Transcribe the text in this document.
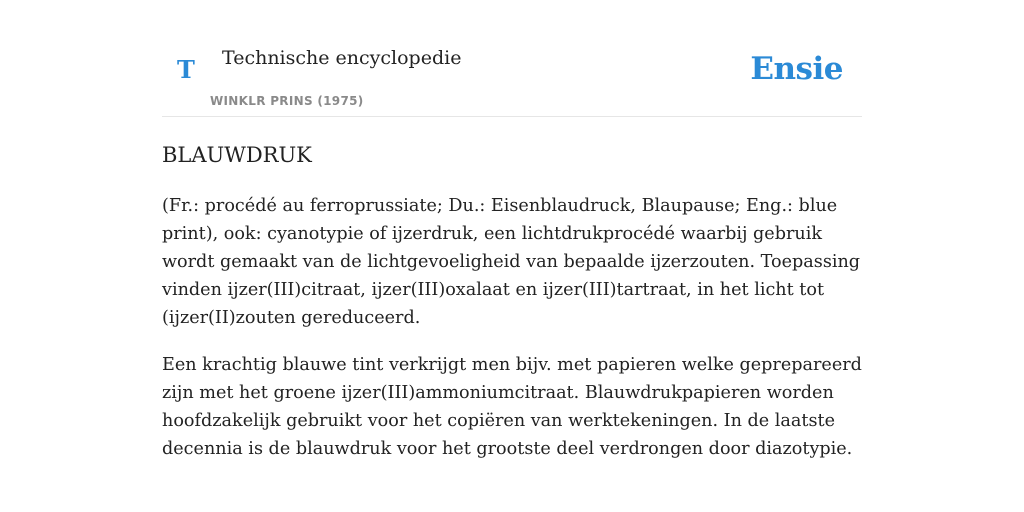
T Technische encyclopedie
WINKLR PRINS (1975)
Ensie
BLAUWDRUK

(Fr.: procédé au ferroprussiate; Du.: Eisenblaudruck, Blaupause; Eng.: blue print), ook: cyanotypie of ijzerdruk, een lichtdrukprocédé waarbij gebruik wordt gemaakt van de lichtgevoeligheid van bepaalde ijzerzouten. Toepassing vinden ijzer(III)citraat, ijzer(III)oxalaat en ijzer(III)tartraat, in het licht tot (ijzer(II)zouten gereduceerd.

Een krachtig blauwe tint verkrijgt men bijv. met papieren welke geprepareerd zijn met het groene ijzer(III)ammoniumcitraat. Blauwdrukpapieren worden hoofdzakelijk gebruikt voor het copiëren van werktekeningen. In de laatste decennia is de blauwdruk voor het grootste deel verdrongen door diazotypie.
